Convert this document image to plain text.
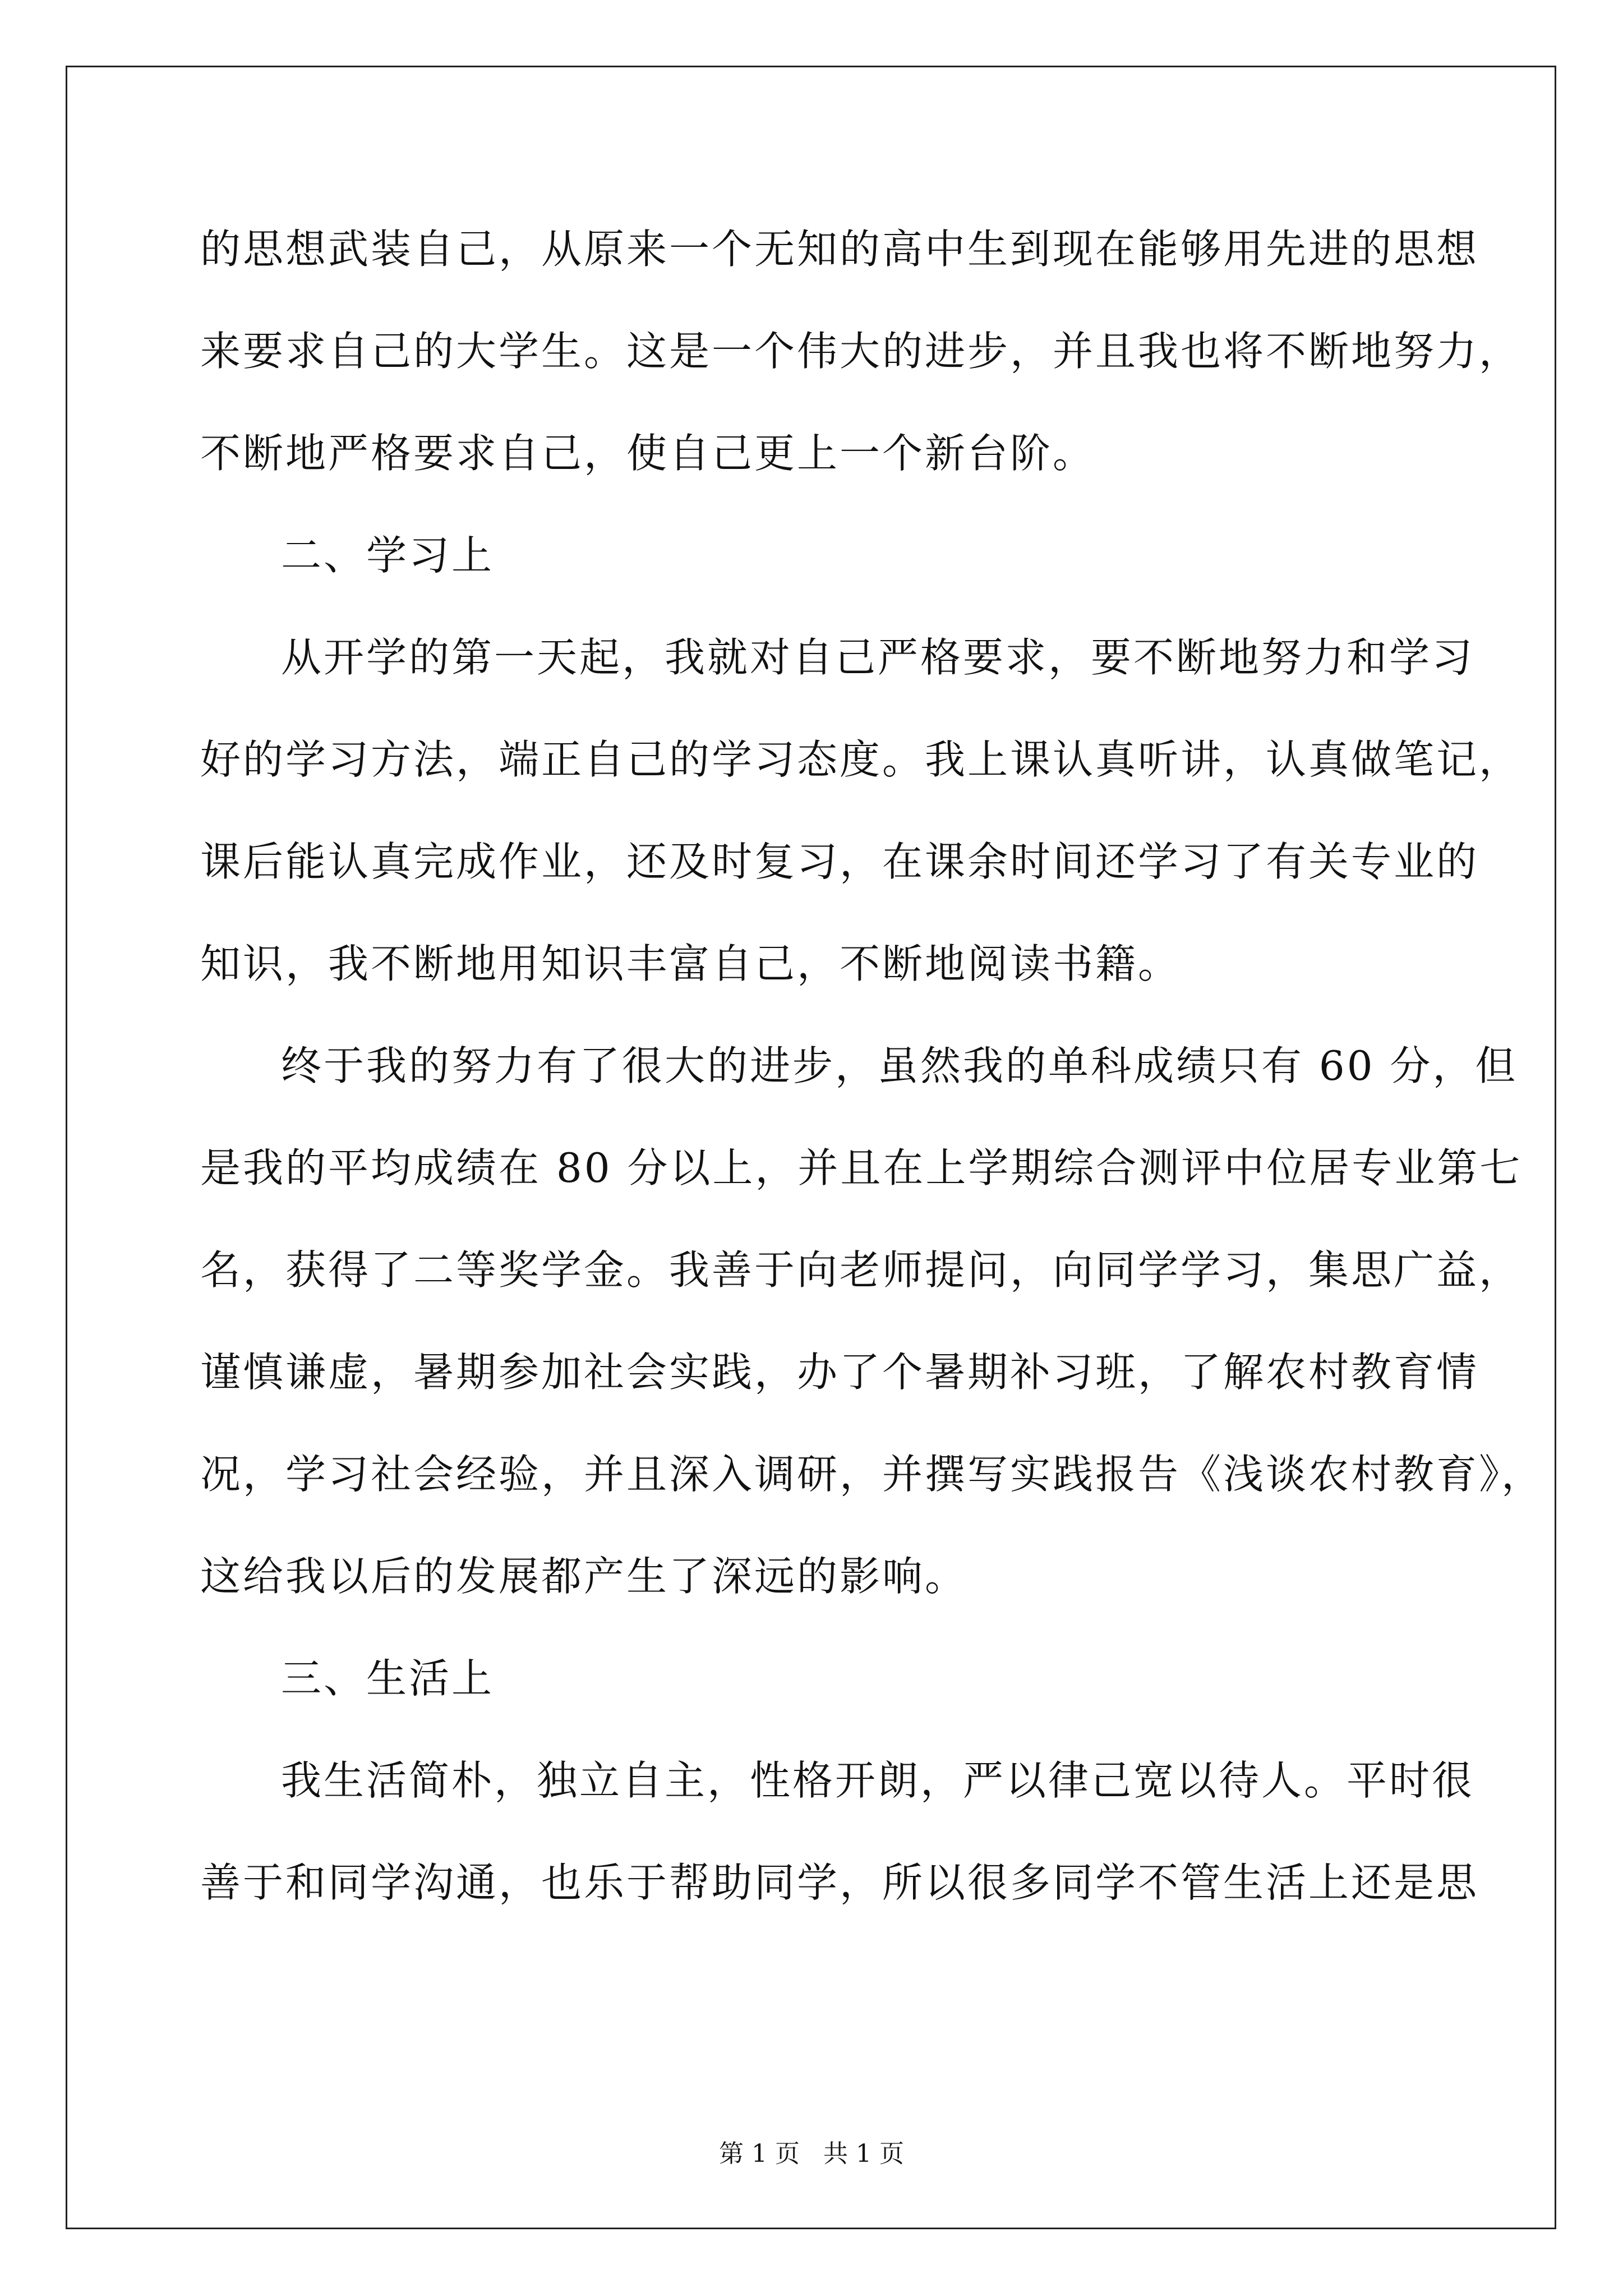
的思想武装自己，从原来一个无知的高中生到现在能够用先进的思想
来要求自己的大学生。这是一个伟大的进步，并且我也将不断地努力，
不断地严格要求自己，使自己更上一个新台阶。
二、学习上
从开学的第一天起，我就对自己严格要求，要不断地努力和学习
好的学习方法，端正自己的学习态度。我上课认真听讲，认真做笔记，
课后能认真完成作业，还及时复习，在课余时间还学习了有关专业的
知识，我不断地用知识丰富自己，不断地阅读书籍。
终于我的努力有了很大的进步，虽然我的单科成绩只有 60 分，但
是我的平均成绩在 80 分以上，并且在上学期综合测评中位居专业第七
名，获得了二等奖学金。我善于向老师提问，向同学学习，集思广益，
谨慎谦虚，暑期参加社会实践，办了个暑期补习班，了解农村教育情
况，学习社会经验，并且深入调研，并撰写实践报告《浅谈农村教育》，
这给我以后的发展都产生了深远的影响。
三、生活上
我生活简朴，独立自主，性格开朗，严以律己宽以待人。平时很
善于和同学沟通，也乐于帮助同学，所以很多同学不管生活上还是思
第 1 页   共 1 页
